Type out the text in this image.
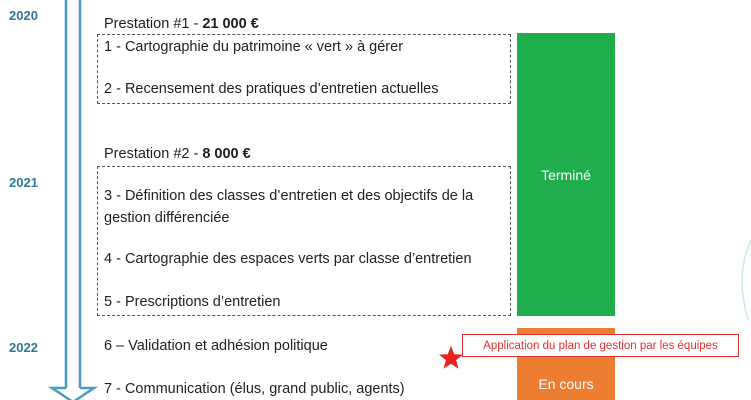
2020
2021
2022
Prestation #1 - 21 000 €
1 - Cartographie du patrimoine « vert » à gérer
2 - Recensement des pratiques d’entretien actuelles
Prestation #2 - 8 000 €
3 - Définition des classes d’entretien et des objectifs de la gestion différenciée
4 - Cartographie des espaces verts par classe d’entretien
5 - Prescriptions d’entretien
6 – Validation et adhésion politique
7 - Communication (élus, grand public, agents)
Terminé
En cours
Application du plan de gestion par les équipes
